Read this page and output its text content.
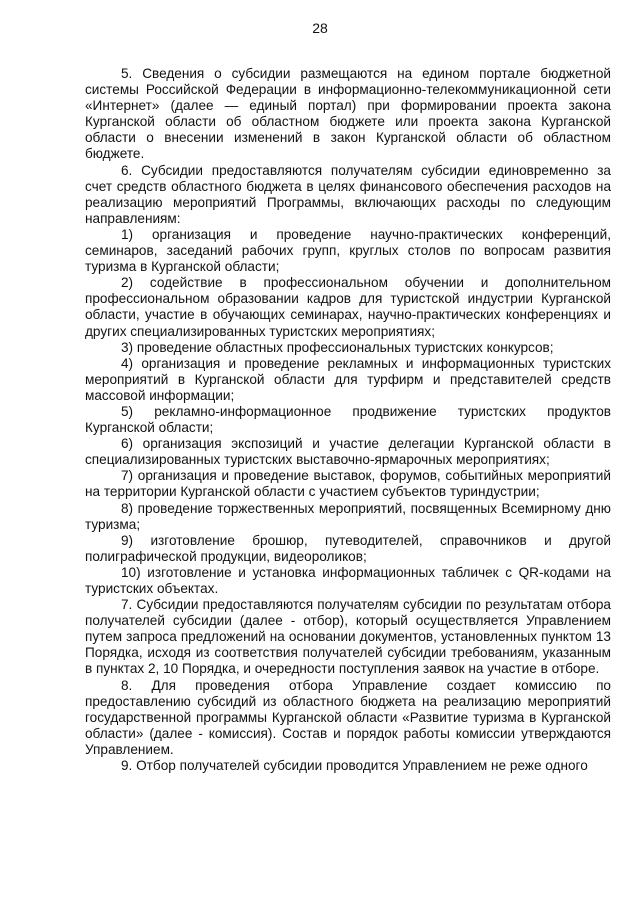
28

5. Сведения о субсидии размещаются на едином портале бюджетной системы Российской Федерации в информационно-телекоммуникационной сети «Интернет» (далее — единый портал) при формировании проекта закона Курганской области об областном бюджете или проекта закона Курганской области о внесении изменений в закон Курганской области об областном бюджете.

6. Субсидии предоставляются получателям субсидии единовременно за счет средств областного бюджета в целях финансового обеспечения расходов на реализацию мероприятий Программы, включающих расходы по следующим направлениям:

1) организация и проведение научно-практических конференций, семинаров, заседаний рабочих групп, круглых столов по вопросам развития туризма в Курганской области;

2) содействие в профессиональном обучении и дополнительном профессиональном образовании кадров для туристской индустрии Курганской области, участие в обучающих семинарах, научно-практических конференциях и других специализированных туристских мероприятиях;

3) проведение областных профессиональных туристских конкурсов;

4) организация и проведение рекламных и информационных туристских мероприятий в Курганской области для турфирм и представителей средств массовой информации;

5) рекламно-информационное продвижение туристских продуктов Курганской области;

6) организация экспозиций и участие делегации Курганской области в специализированных туристских выставочно-ярмарочных мероприятиях;

7) организация и проведение выставок, форумов, событийных мероприятий на территории Курганской области с участием субъектов туриндустрии;

8) проведение торжественных мероприятий, посвященных Всемирному дню туризма;

9) изготовление брошюр, путеводителей, справочников и другой полиграфической продукции, видеороликов;

10) изготовление и установка информационных табличек с QR-кодами на туристских объектах.

7. Субсидии предоставляются получателям субсидии по результатам отбора получателей субсидии (далее - отбор), который осуществляется Управлением путем запроса предложений на основании документов, установленных пунктом 13 Порядка, исходя из соответствия получателей субсидии требованиям, указанным в пунктах 2, 10 Порядка, и очередности поступления заявок на участие в отборе.

8. Для проведения отбора Управление создает комиссию по предоставлению субсидий из областного бюджета на реализацию мероприятий государственной программы Курганской области «Развитие туризма в Курганской области» (далее - комиссия). Состав и порядок работы комиссии утверждаются Управлением.

9. Отбор получателей субсидии проводится Управлением не реже одного
